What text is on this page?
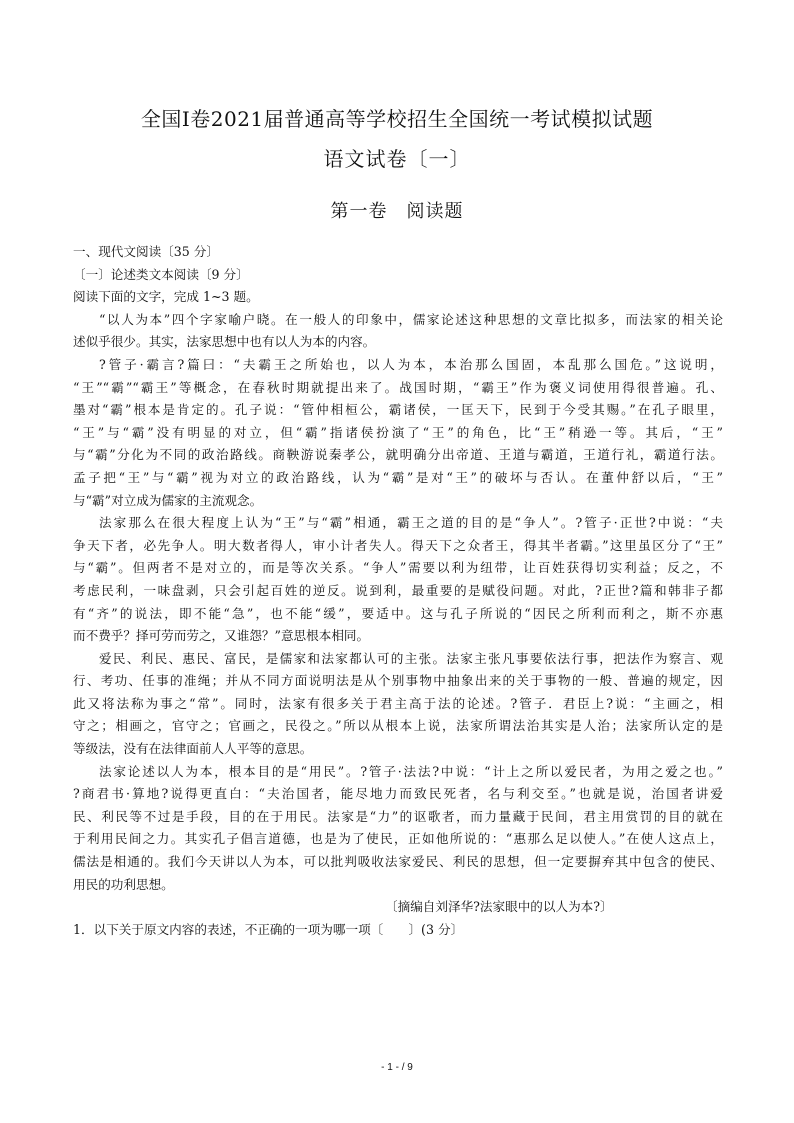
全国Ⅰ卷2021届普通高等学校招生全国统一考试模拟试题
语文试卷〔一〕
第一卷　阅读题
一、现代文阅读〔35 分〕
〔一〕论述类文本阅读〔9 分〕
阅读下面的文字，完成 1~3 题。
“以人为本”四个字家喻户晓。在一般人的印象中，儒家论述这种思想的文章比拟多，而法家的相关论
述似乎很少。其实，法家思想中也有以人为本的内容。
?管子·霸言?篇曰：“夫霸王之所始也，以人为本，本治那么国固，本乱那么国危。”这说明，
“王”“霸”“霸王”等概念，在春秋时期就提出来了。战国时期，“霸王”作为褒义词使用得很普遍。孔、
墨对“霸”根本是肯定的。孔子说：“管仲相桓公，霸诸侯，一匡天下，民到于今受其赐。”在孔子眼里，
“王”与“霸”没有明显的对立，但“霸”指诸侯扮演了“王”的角色，比“王”稍逊一等。其后，“王”
与“霸”分化为不同的政治路线。商鞅游说秦孝公，就明确分出帝道、王道与霸道，王道行礼，霸道行法。
孟子把“王”与“霸”视为对立的政治路线，认为“霸”是对“王”的破坏与否认。在董仲舒以后，“王”
与“霸”对立成为儒家的主流观念。
法家那么在很大程度上认为“王”与“霸”相通，霸王之道的目的是“争人”。?管子·正世?中说：“夫
争天下者，必先争人。明大数者得人，审小计者失人。得天下之众者王，得其半者霸。”这里虽区分了“王”
与“霸”。但两者不是对立的，而是等次关系。“争人”需要以利为纽带，让百姓获得切实利益；反之，不
考虑民利，一味盘剥，只会引起百姓的逆反。说到利，最重要的是赋役问题。对此，?正世?篇和韩非子都
有“齐”的说法，即不能“急”，也不能“缓”，要适中。这与孔子所说的“因民之所利而利之，斯不亦惠
而不费乎？择可劳而劳之，又谁怨？”意思根本相同。
爱民、利民、惠民、富民，是儒家和法家都认可的主张。法家主张凡事要依法行事，把法作为察言、观
行、考功、任事的准绳；并从不同方面说明法是从个别事物中抽象出来的关于事物的一般、普遍的规定，因
此又将法称为事之“常”。同时，法家有很多关于君主高于法的论述。?管子．君臣上?说：“主画之，相
守之；相画之，官守之；官画之，民役之。”所以从根本上说，法家所谓法治其实是人治；法家所认定的是
等级法，没有在法律面前人人平等的意思。
法家论述以人为本，根本目的是“用民”。?管子·法法?中说：“计上之所以爱民者，为用之爱之也。”
?商君书·算地?说得更直白：“夫治国者，能尽地力而致民死者，名与利交至。”也就是说，治国者讲爱
民、利民等不过是手段，目的在于用民。法家是“力”的讴歌者，而力量藏于民间，君主用赏罚的目的就在
于利用民间之力。其实孔子倡言道德，也是为了使民，正如他所说的：“惠那么足以使人。”在使人这点上，
儒法是相通的。我们今天讲以人为本，可以批判吸收法家爱民、利民的思想，但一定要摒弃其中包含的使民、
用民的功利思想。
〔摘编自刘泽华?法家眼中的以人为本?〕
1．以下关于原文内容的表述，不正确的一项为哪一项〔　　〕(3 分〕
- 1 - / 9
